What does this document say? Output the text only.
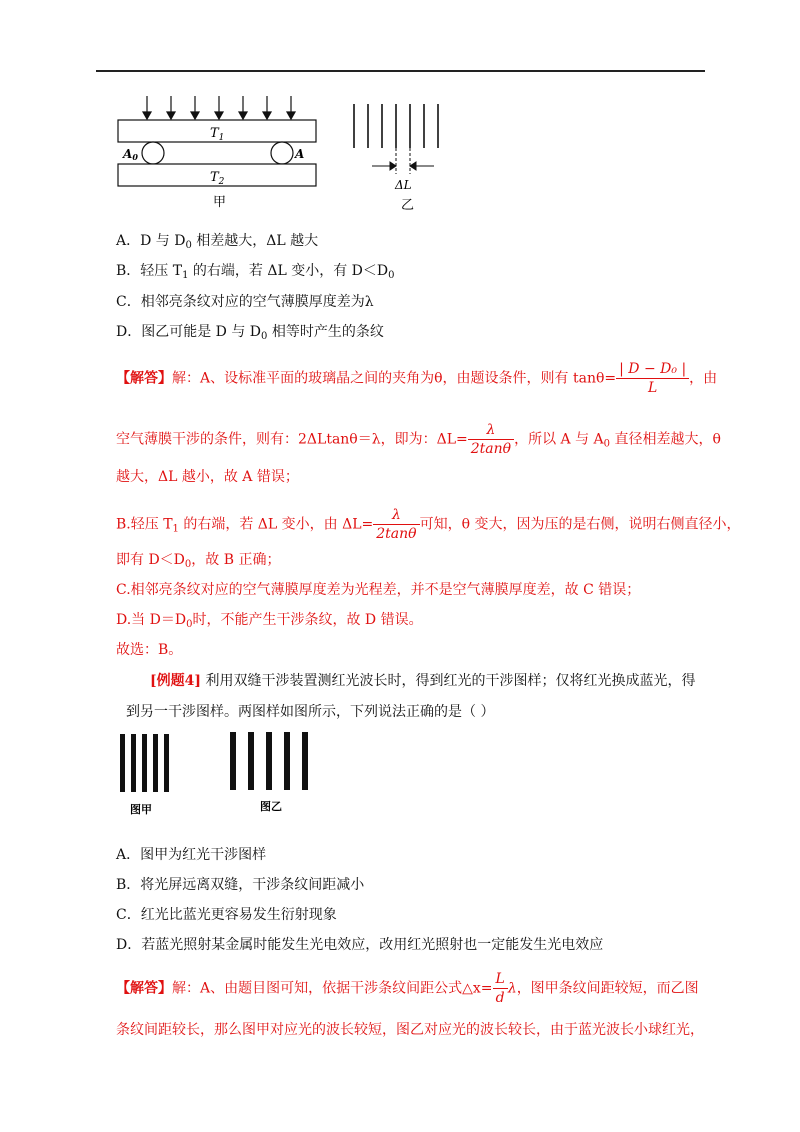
$T_1$
A0	A
$T_2$
甲
ΔL
乙
A．D 与 $D_0$ 相差越大，ΔL 越大
B．轻压 $T_1$ 的右端，若 ΔL 变小，有 $D<D_0$
C．相邻亮条纹对应的空气薄膜厚度差为λ
D．图乙可能是 D 与 $D_0$ 相等时产生的条纹
【解答】解：A、设标准平面的玻璃晶之间的夹角为θ，由题设条件，则有 $\tan\theta= \frac{\text{| D − D₀ |}}{L}$ ，由
空气薄膜干涉的条件，则有：2ΔLtanθ＝λ，即为：$\Delta L= \frac{\lambda}{2\tan\theta}$ ，所以 A 与 $A_0$ 直径相差越大，θ
越大，ΔL 越小，故 A 错误；
B.轻压 $T_1$ 的右端，若 ΔL 变小，由 $\Delta L= \frac{\lambda}{2\tan\theta}$ 可知，θ 变大，因为压的是右侧，说明右侧直径小，
即有 $D<D_0$，故 B 正确；
C.相邻亮条纹对应的空气薄膜厚度差为光程差，并不是空气薄膜厚度差，故 C 错误；
D.当 $D=D_0$时，不能产生干涉条纹，故 D 错误。
故选：B。
[例题4] 利用双缝干涉装置测红光波长时，得到红光的干涉图样；仅将红光换成蓝光，得
到另一干涉图样。两图样如图所示，下列说法正确的是（ ）
图甲	图乙
A．图甲为红光干涉图样
B．将光屏远离双缝，干涉条纹间距减小
C．红光比蓝光更容易发生衍射现象
D．若蓝光照射某金属时能发生光电效应，改用红光照射也一定能发生光电效应
【解答】解：A、由题目图可知，依据干涉条纹间距公式△x= $\frac{L}{d}$ λ，图甲条纹间距较短，而乙图
条纹间距较长，那么图甲对应光的波长较短，图乙对应光的波长较长，由于蓝光波长小球红光，
